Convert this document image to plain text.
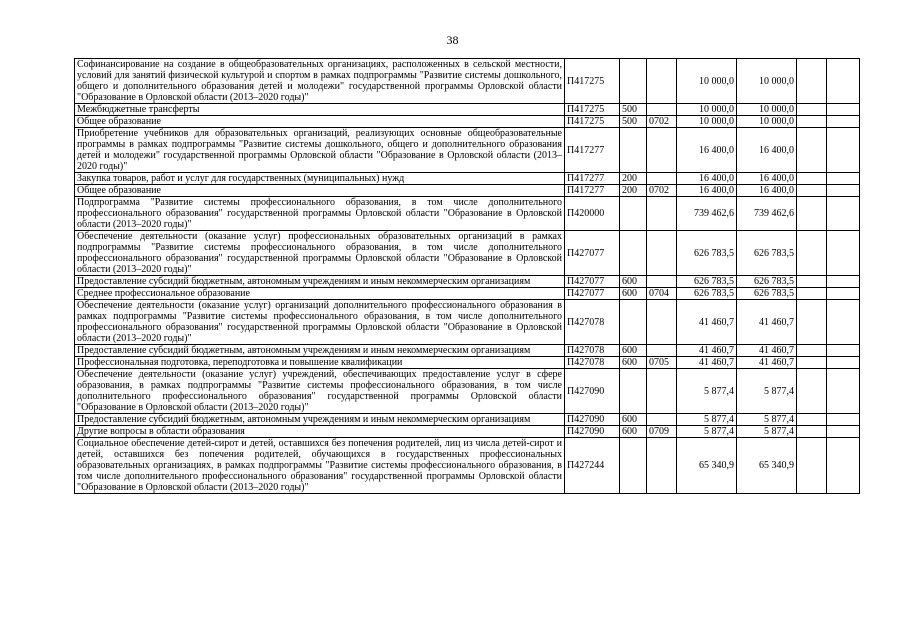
38
Софинансирование на создание в общеобразовательных организациях, расположенных в сельской местности, условий для занятий физической культурой и спортом в рамках подпрограммы "Развитие системы дошкольного, общего и дополнительного образования детей и молодежи" государственной программы Орловской области "Образование в Орловской области (2013–2020 годы)"	П417275			10 000,0	10 000,0		
Межбюджетные трансферты	П417275	500		10 000,0	10 000,0		
Общее образование	П417275	500	0702	10 000,0	10 000,0		
Приобретение учебников для образовательных организаций, реализующих основные общеобразовательные программы в рамках подпрограммы "Развитие системы дошкольного, общего и дополнительного образования детей и молодежи" государственной программы Орловской области "Образование в Орловской области (2013–2020 годы)"	П417277			16 400,0	16 400,0		
Закупка товаров, работ и услуг для государственных (муниципальных) нужд	П417277	200		16 400,0	16 400,0		
Общее образование	П417277	200	0702	16 400,0	16 400,0		
Подпрограмма "Развитие системы профессионального образования, в том числе дополнительного профессионального образования" государственной программы Орловской области "Образование в Орловской области (2013–2020 годы)"	П420000			739 462,6	739 462,6		
Обеспечение деятельности (оказание услуг) профессиональных образовательных организаций в рамках подпрограммы "Развитие системы профессионального образования, в том числе дополнительного профессионального образования" государственной программы Орловской области "Образование в Орловской области (2013–2020 годы)"	П427077			626 783,5	626 783,5		
Предоставление субсидий бюджетным, автономным учреждениям и иным некоммерческим организациям	П427077	600		626 783,5	626 783,5		
Среднее профессиональное образование	П427077	600	0704	626 783,5	626 783,5		
Обеспечение деятельности (оказание услуг) организаций дополнительного профессионального образования в рамках подпрограммы "Развитие системы профессионального образования, в том числе дополнительного профессионального образования" государственной программы Орловской области "Образование в Орловской области (2013–2020 годы)"	П427078			41 460,7	41 460,7		
Предоставление субсидий бюджетным, автономным учреждениям и иным некоммерческим организациям	П427078	600		41 460,7	41 460,7		
Профессиональная подготовка, переподготовка и повышение квалификации	П427078	600	0705	41 460,7	41 460,7		
Обеспечение деятельности (оказание услуг) учреждений, обеспечивающих предоставление услуг в сфере образования, в рамках подпрограммы "Развитие системы профессионального образования, в том числе дополнительного профессионального образования" государственной программы Орловской области "Образование в Орловской области (2013–2020 годы)"	П427090			5 877,4	5 877,4		
Предоставление субсидий бюджетным, автономным учреждениям и иным некоммерческим организациям	П427090	600		5 877,4	5 877,4		
Другие вопросы в области образования	П427090	600	0709	5 877,4	5 877,4		
Социальное обеспечение детей-сирот и детей, оставшихся без попечения родителей, лиц из числа детей-сирот и детей, оставшихся без попечения родителей, обучающихся в государственных профессиональных образовательных организациях, в рамках подпрограммы "Развитие системы профессионального образования, в том числе дополнительного профессионального образования" государственной программы Орловской области "Образование в Орловской области (2013–2020 годы)"	П427244			65 340,9	65 340,9		
